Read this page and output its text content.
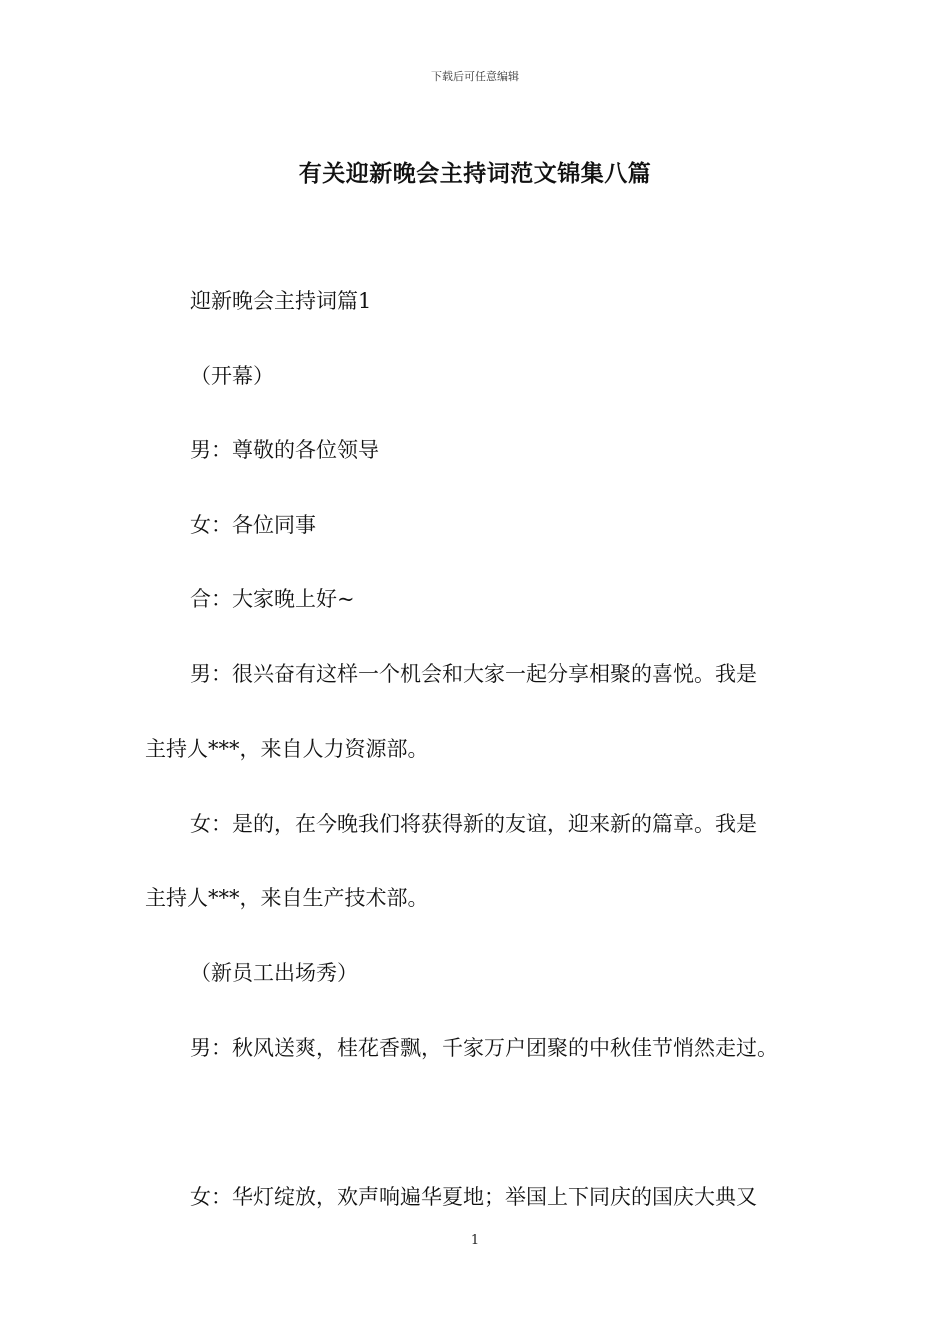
下载后可任意编辑
有关迎新晚会主持词范文锦集八篇
迎新晚会主持词篇1
（开幕）
男：尊敬的各位领导
女：各位同事
合：大家晚上好~
男：很兴奋有这样一个机会和大家一起分享相聚的喜悦。我是
主持人***，来自人力资源部。
女：是的，在今晚我们将获得新的友谊，迎来新的篇章。我是
主持人***，来自生产技术部。
（新员工出场秀）
男：秋风送爽，桂花香飘，千家万户团聚的中秋佳节悄然走过。
女：华灯绽放，欢声响遍华夏地；举国上下同庆的国庆大典又
1
